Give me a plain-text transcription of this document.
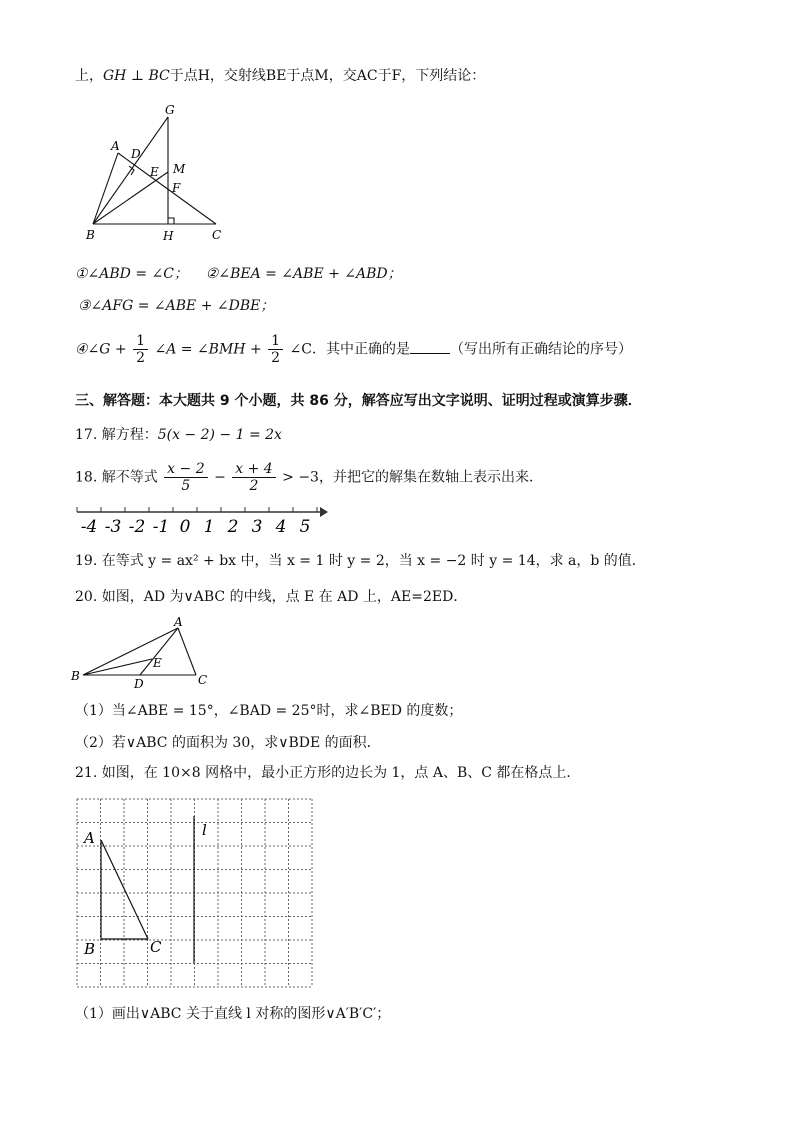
上，GH ⊥ BC于点H，交射线BE于点M，交AC于F，下列结论：
G
A
D
M
E
F
B	H	C
①∠ABD = ∠C； ②∠BEA = ∠ABE + ∠ABD；
③∠AFG = ∠ABE + ∠DBE；
④∠G + $\frac{1}{2}$ ∠A = ∠BMH + $\frac{1}{2}$ ∠C．其中正确的是	（写出所有正确结论的序号）
三、解答题：本大题共 9 个小题，共 86 分，解答应写出文字说明、证明过程或演算步骤．
17. 解方程：5(x − 2) − 1 = 2x
18. 解不等式 $\frac{x - 2}{5} - \frac{x + 4}{2} > -3$，并把它的解集在数轴上表示出来．
-4 -3 -2 -1 0 1 2 3 4 5
19. 在等式 y = ax² + bx 中，当 x = 1 时 y = 2，当 x = −2 时 y = 14，求 a，b 的值．
20. 如图，AD 为∨ABC 的中线，点 E 在 AD 上，AE=2ED．
A
B
E
D	C
（1）当∠ABE = 15°，∠BAD = 25°时，求∠BED 的度数；
（2）若∨ABC 的面积为 30，求∨BDE 的面积．
21. 如图，在 10×8 网格中，最小正方形的边长为 1，点 A、B、C 都在格点上．
A
B	C
l
（1）画出∨ABC 关于直线 l 对称的图形∨A′B′C′；
